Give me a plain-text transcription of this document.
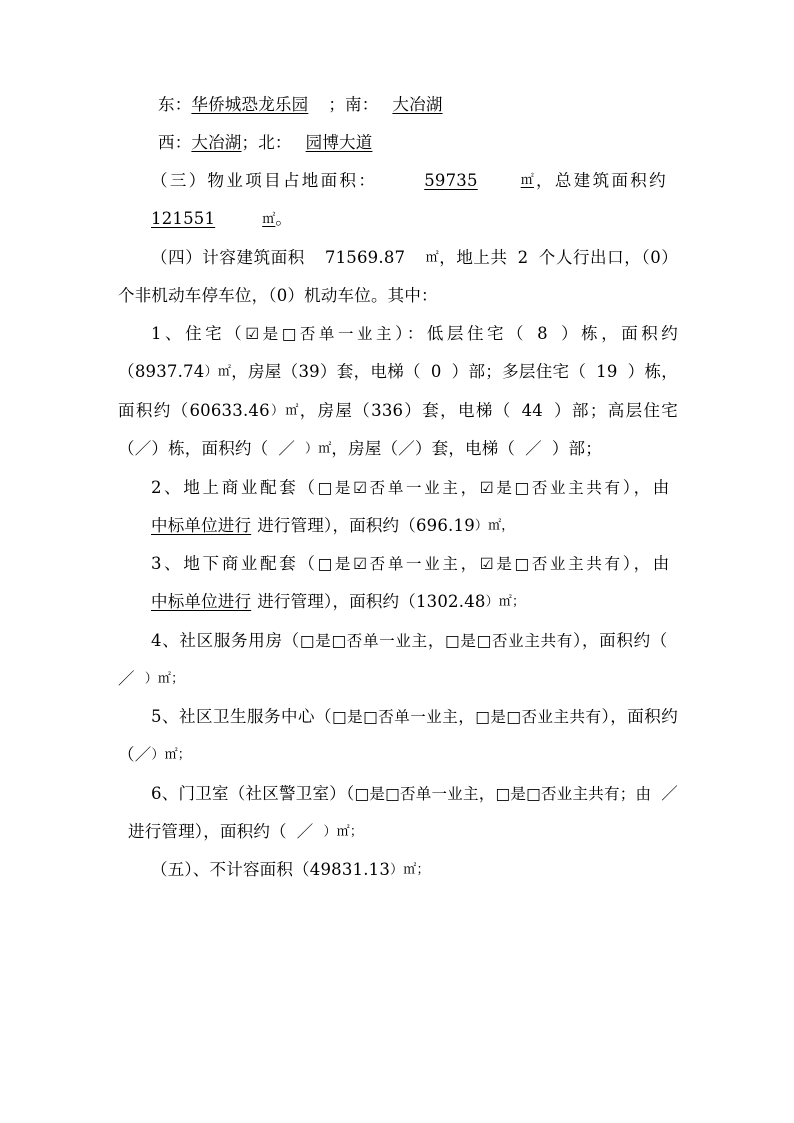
东：华侨城恐龙乐园 ；南： 大冶湖

西：大冶湖；北： 园博大道

（三）物业项目占地面积：	59735	㎡，总建筑面积约121551	㎡。

（四）计容建筑面积 71569.87 ㎡，地上共 2 个人行出口，（0）个非机动车停车位，（0）机动车位。其中：

1、住宅（☑是□否单一业主）：低层住宅（ 8 ）栋，面积约（8937.74）㎡，房屋（39）套，电梯（ 0 ）部；多层住宅（ 19 ）栋，面积约（60633.46）㎡，房屋（336）套，电梯（ 44 ）部；高层住宅（／）栋，面积约（ ／ ）㎡，房屋（／）套，电梯（ ／ ）部；

2、地上商业配套（□是☑否单一业主，☑是□否业主共有），由中标单位进行 进行管理），面积约（696.19）㎡，

3、地下商业配套（□是☑否单一业主，☑是□否业主共有），由中标单位进行 进行管理），面积约（1302.48）㎡；

4、社区服务用房（□是□否单一业主，□是□否业主共有），面积约（／ ）㎡；

5、社区卫生服务中心（□是□否单一业主，□是□否业主共有），面积约（／）㎡；

6、门卫室（社区警卫室）（□是□否单一业主，□是□否业主共有；由 ／进行管理），面积约（ ／ ）㎡；

（五）、不计容面积（49831.13）㎡；
